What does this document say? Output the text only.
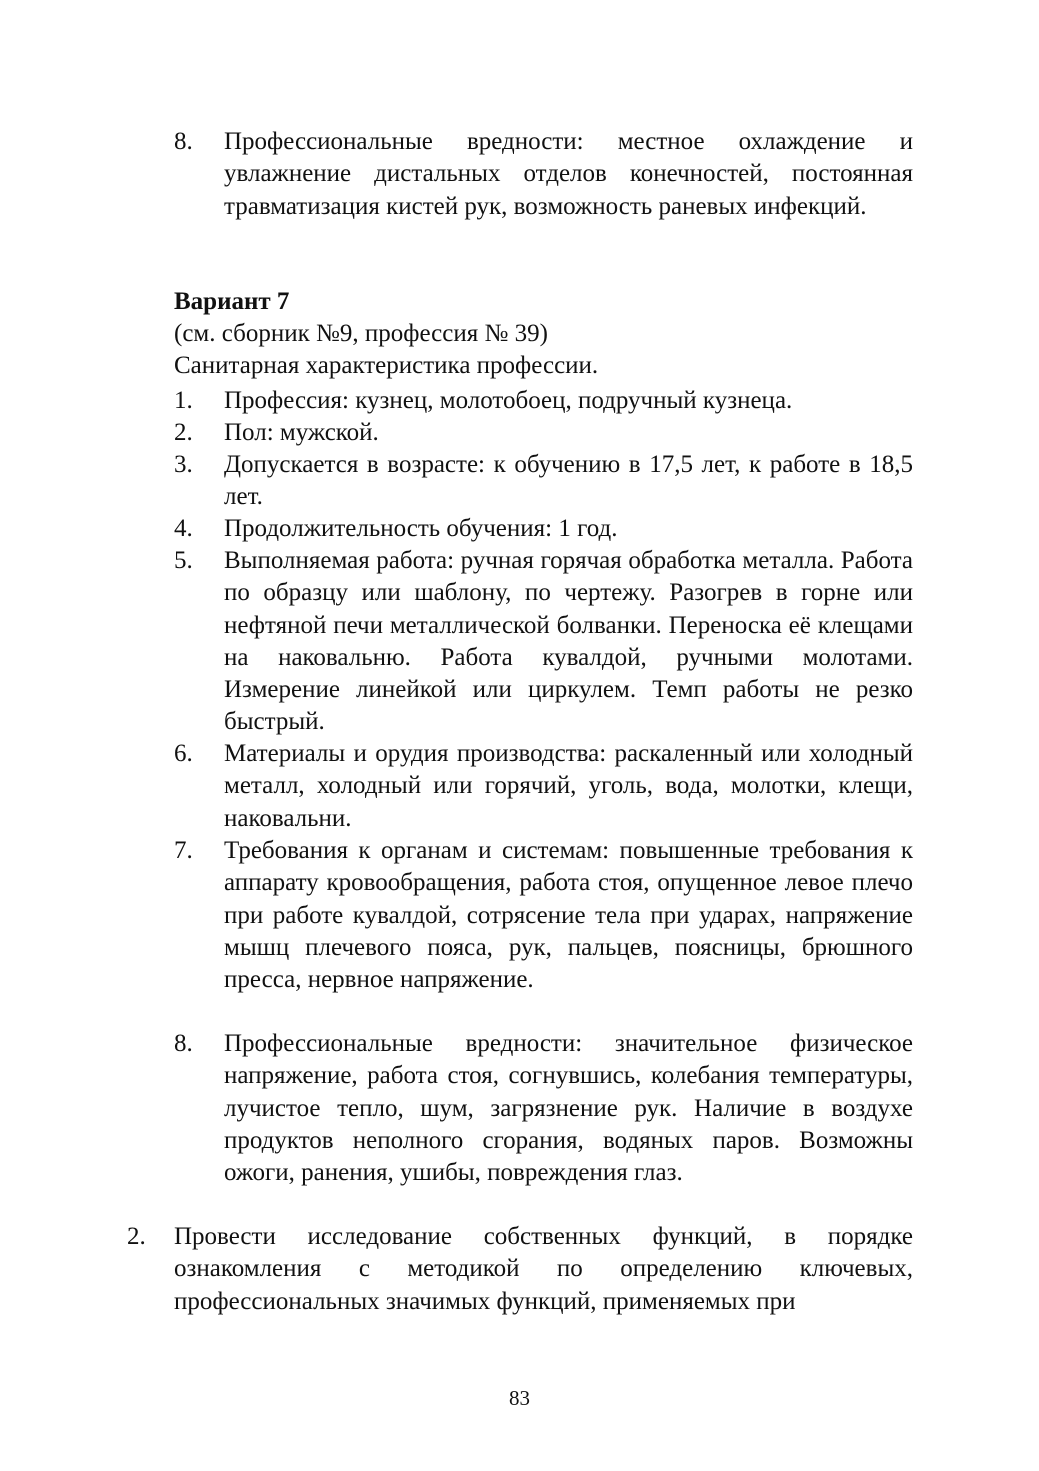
8. Профессиональные вредности: местное охлаждение и увлажнение дистальных отделов конечностей, постоянная травматизация кистей рук, возможность раневых инфекций.
Вариант 7
(см. сборник №9, профессия № 39)
Санитарная характеристика профессии.
1. Профессия: кузнец, молотобоец, подручный кузнеца.
2. Пол: мужской.
3. Допускается в возрасте: к обучению в 17,5 лет, к работе в 18,5 лет.
4. Продолжительность обучения: 1 год.
5. Выполняемая работа: ручная горячая обработка металла. Работа по образцу или шаблону, по чертежу. Разогрев в горне или нефтяной печи металлической болванки. Переноска её клещами на наковальню. Работа кувалдой, ручными молотами. Измерение линейкой или циркулем. Темп работы не резко быстрый.
6. Материалы и орудия производства: раскаленный или холодный металл, холодный или горячий, уголь, вода, молотки, клещи, наковальни.
7. Требования к органам и системам: повышенные требования к аппарату кровообращения, работа стоя, опущенное левое плечо при работе кувалдой, сотрясение тела при ударах, напряжение мышц плечевого пояса, рук, пальцев, поясницы, брюшного пресса, нервное напряжение.
8. Профессиональные вредности: значительное физическое напряжение, работа стоя, согнувшись, колебания температуры, лучистое тепло, шум, загрязнение рук. Наличие в воздухе продуктов неполного сгорания, водяных паров. Возможны ожоги, ранения, ушибы, повреждения глаз.
2. Провести исследование собственных функций, в порядке ознакомления с методикой по определению ключевых, профессиональных значимых функций, применяемых при
83
